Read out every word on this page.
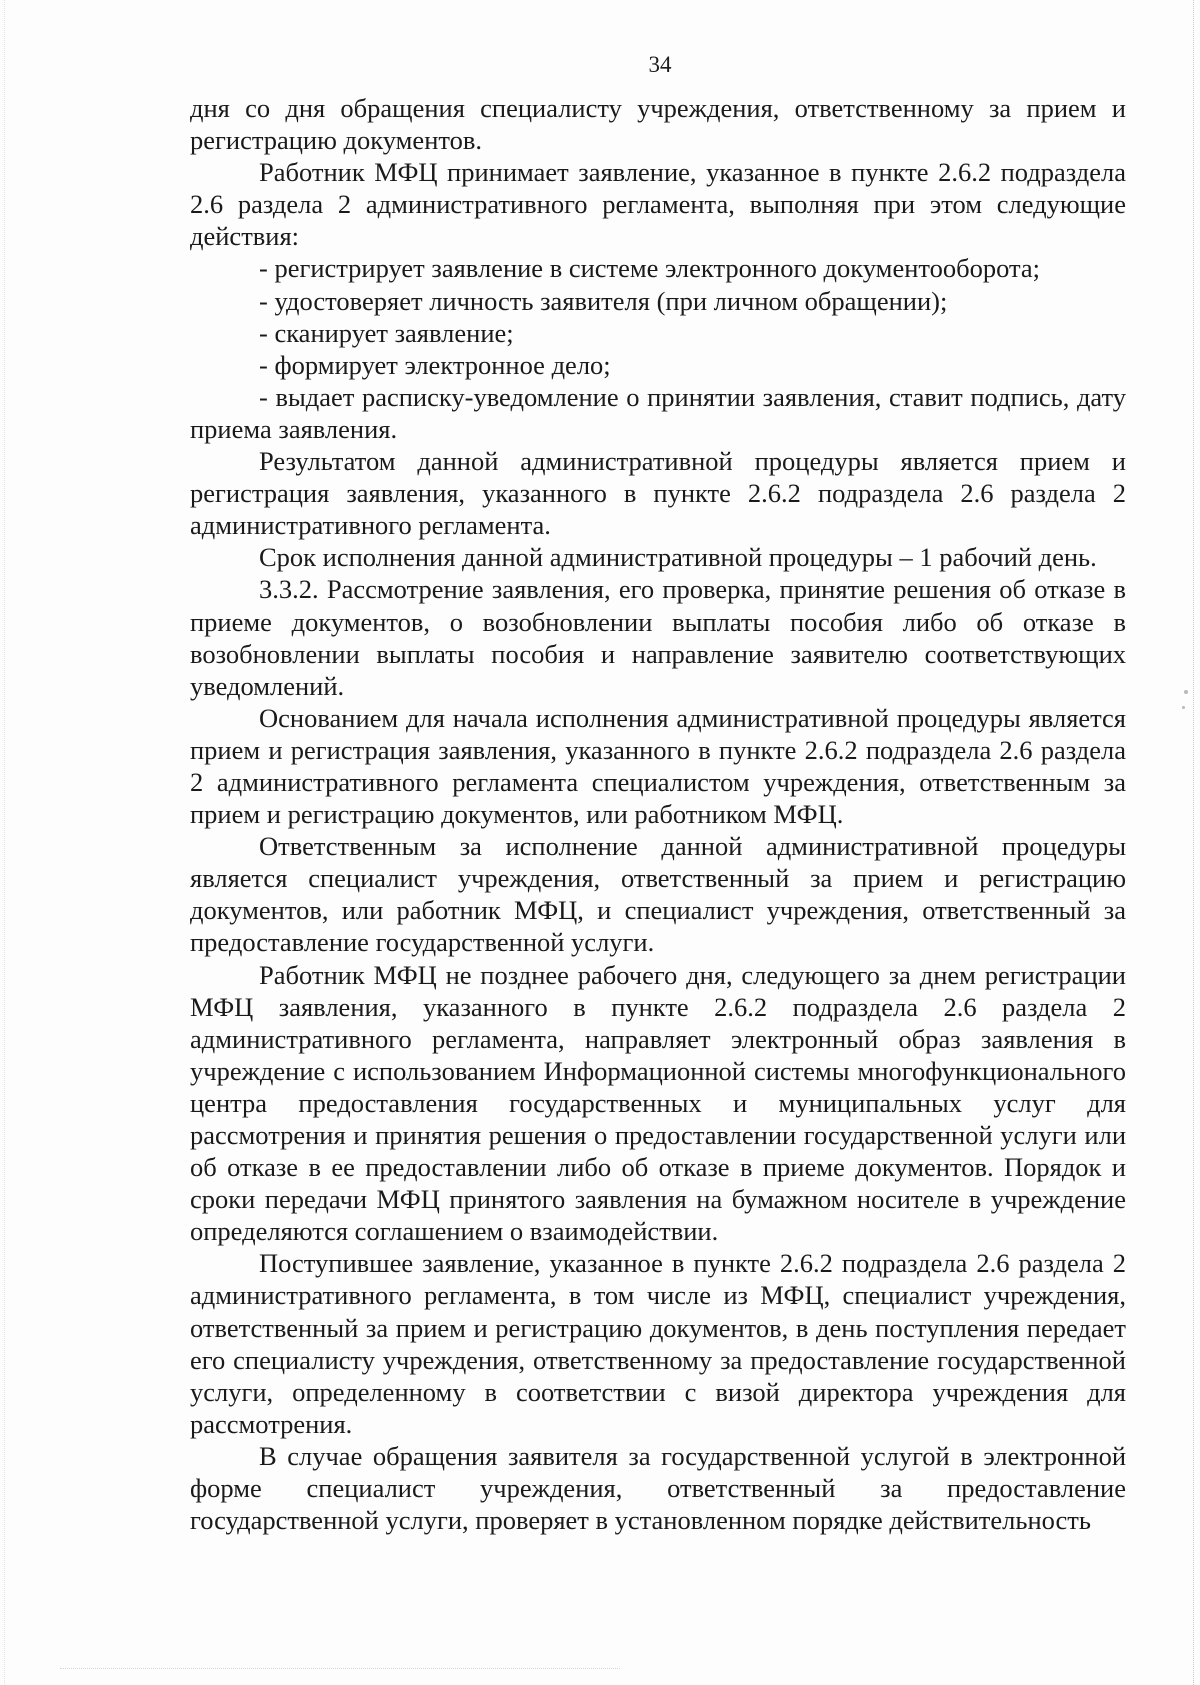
34

дня со дня обращения специалисту учреждения, ответственному за прием и регистрацию документов.

Работник МФЦ принимает заявление, указанное в пункте 2.6.2 подраздела 2.6 раздела 2 административного регламента, выполняя при этом следующие действия:

- регистрирует заявление в системе электронного документооборота;

- удостоверяет личность заявителя (при личном обращении);

- сканирует заявление;

- формирует электронное дело;

- выдает расписку-уведомление о принятии заявления, ставит подпись, дату приема заявления.

Результатом данной административной процедуры является прием и регистрация заявления, указанного в пункте 2.6.2 подраздела 2.6 раздела 2 административного регламента.

Срок исполнения данной административной процедуры – 1 рабочий день.

3.3.2. Рассмотрение заявления, его проверка, принятие решения об отказе в приеме документов, о возобновлении выплаты пособия либо об отказе в возобновлении выплаты пособия и направление заявителю соответствующих уведомлений.

Основанием для начала исполнения административной процедуры является прием и регистрация заявления, указанного в пункте 2.6.2 подраздела 2.6 раздела 2 административного регламента специалистом учреждения, ответственным за прием и регистрацию документов, или работником МФЦ.

Ответственным за исполнение данной административной процедуры является специалист учреждения, ответственный за прием и регистрацию документов, или работник МФЦ, и специалист учреждения, ответственный за предоставление государственной услуги.

Работник МФЦ не позднее рабочего дня, следующего за днем регистрации МФЦ заявления, указанного в пункте 2.6.2 подраздела 2.6 раздела 2 административного регламента, направляет электронный образ заявления в учреждение с использованием Информационной системы многофункционального центра предоставления государственных и муниципальных услуг для рассмотрения и принятия решения о предоставлении государственной услуги или об отказе в ее предоставлении либо об отказе в приеме документов. Порядок и сроки передачи МФЦ принятого заявления на бумажном носителе в учреждение определяются соглашением о взаимодействии.

Поступившее заявление, указанное в пункте 2.6.2 подраздела 2.6 раздела 2 административного регламента, в том числе из МФЦ, специалист учреждения, ответственный за прием и регистрацию документов, в день поступления передает его специалисту учреждения, ответственному за предоставление государственной услуги, определенному в соответствии с визой директора учреждения для рассмотрения.

В случае обращения заявителя за государственной услугой в электронной форме специалист учреждения, ответственный за предоставление государственной услуги, проверяет в установленном порядке действительность
